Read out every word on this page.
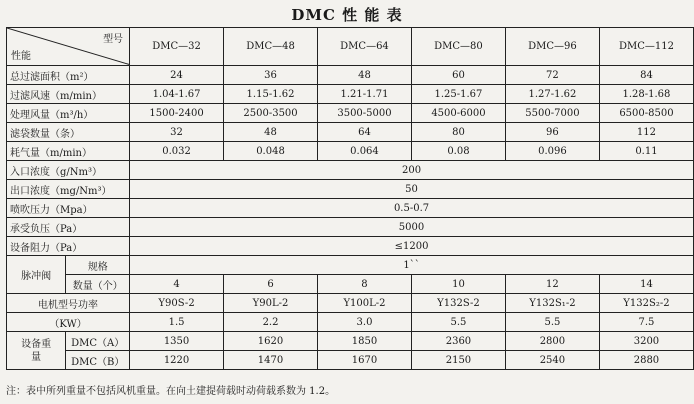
DMC 性 能 表
型号
性能		DMC—32	DMC—48	DMC—64	DMC—80	DMC—96	DMC—112
总过滤面积（m²）		24	36	48	60	72	84
过滤风速（m/min）		1.04-1.67	1.15-1.62	1.21-1.71	1.25-1.67	1.27-1.62	1.28-1.68
处理风量（m³/h）		1500-2400	2500-3500	3500-5000	4500-6000	5500-7000	6500-8500
滤袋数量（条）		32	48	64	80	96	112
耗气量（m/min）		0.032	0.048	0.064	0.08	0.096	0.11
入口浓度（g/Nm³）		200					
出口浓度（mg/Nm³）		50					
喷吹压力（Mpa）		0.5-0.7					
承受负压（Pa）		5000					
设备阻力（Pa）		≤1200					
脉冲阀	规格	1``					
	数量（个）	4	6	8	10	12	14
电机型号功率		Y90S-2	Y90L-2	Y100L-2	Y132S-2	Y132S₁-2	Y132S₂-2
（KW）		1.5	2.2	3.0	5.5	5.5	7.5
设备重量	DMC（A）	1350	1620	1850	2360	2800	3200
	DMC（B）	1220	1470	1670	2150	2540	2880
注：表中所列重量不包括风机重量。在向土建提荷载时动荷载系数为 1.2。
